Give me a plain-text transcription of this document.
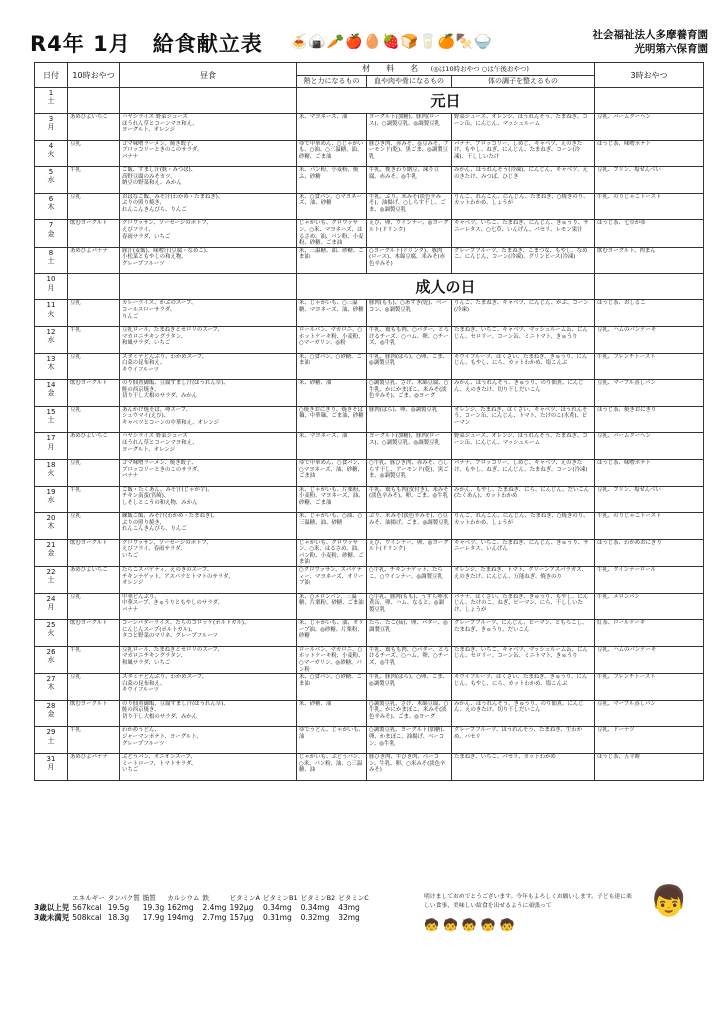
R4年 1月　給食献立表 🍝🍙🥕🍎🥚🍓🍞🥛🍊🍢🍚	社会福祉法人多摩養育園
光明第六保育園
日付	10時おやつ	昼食	材　　料　　名 (◎は10時おやつ ○は午後おやつ)			3時おやつ
			熱と力になるもの	血や肉や骨になるもの	体の調子を整えるもの	

1
土			元日			

3
月	あめびよいちご	ハヤシライス 野菜ジュース
ほうれん草とコーンマヨ和え、
ヨーグルト、オレンジ	米、マヨネーズ、油	ヨーグルト(加糖)、豚肉(ロース)、○調製豆乳、◎調製豆乳	野菜ジュース、オレンジ、ほうれんそう、たまねぎ、コーン缶、にんじん、マッシュルーム	豆乳、バームクーヘン

4
火	豆乳	ゴマ味噌ラーメン、焼き餃子、
ブロッコリーときのこのサラダ、
バナナ	ゆで中華めん、○じゃがいも、○油、○三温糖、油、砂糖、ごま油	豚ひき肉、赤みそ、◎豆みそ、アーモンド(乾)、黒ごま、◎調製豆乳	バナナ、ブロッコリー、しめじ、キャベツ、えのきたけ、もやし、ねぎ、にんじん、たまねぎ、コーン(冷凍)、干ししいたけ	ほうじ茶、味噌ポテト

5
水	牛乳	ご飯、すまし汁(麩・みつば)、
高野豆腐のみそカツ、
納豆の野菜和え、みかん	米、パン粉、小麦粉、焼ふ、砂糖	牛乳、挽きわり納豆、凍り豆腐、赤みそ、◎牛乳	みかん、ほうれんそう(冷凍)、にんじん、キャベツ、えのきたけ、みつば、ひじき	豆乳、プリン、塩せんべい

6
木	豆乳	おばなご飯、みそ汁(わかめ・たまねぎ)、
ぶりの照り焼き、
れんこんきんぴら、りんご	米、○食パン、○マヨネーズ、油、砂糖	牛乳、ぶり、米みそ(淡色辛みそ)、油揚げ、○しらす干し、ごま、◎調製豆乳	りんご、れんこん、にんじん、たまねぎ、○焼きのり、カットわかめ、しょうが	牛乳、のりじゃこトースト

7
金	飲むヨーグルト	クロワッサン、ソーセージのポトフ、
えびフライ、
春雨サラダ、いちご	じゃがいも、クロワッサン、○米、マヨネーズ、はるさめ、油、パン粉、小麦粉、砂糖、ごま油	えび、卵、ウインナー、◎ヨーグルト(ドリンク)	キャベツ、いちご、たまねぎ、にんじん、きゅうり、サニーレタス、○七草、いんげん、パセリ、レモン果汁	ほうじ茶、七草がゆ

8
土	あめびよバナナ	豚汁(麦飯)、味噌汁(豆腐・なめこ)、
小松菜ともやしの和え物、
グレープフルーツ	米、三温糖、油、砂糖、ごま油	○ヨーグルト(ドリンク)、豚肉(ロース)、木綿豆腐、米みそ(赤色辛みそ)	グレープフルーツ、たまねぎ、こまつな、もやし、なめこ、にんじん、コーン(冷凍)、グリンピース(冷凍)	飲むヨーグルト、肉まん

10
月			成人の日			

11
火	豆乳	カレーライス、かぶのスープ、
コールスローサラダ、
りんご	米、じゃがいも、○三温糖、マヨネーズ、油、砂糖	豚肉(もも)、○あずき(乾)、ベーコン、◎調製豆乳	りんご、たまねぎ、キャベツ、にんじん、かぶ、コーン(冷凍)	ほうじ茶、おしるこ

12
水	牛乳	豆乳ロール、たまねぎとセロリのスープ、
マカロニチキングラタン、
和風サラダ、いちご	ロールパン、マカロニ、○ホットケーキ粉、小麦粉、○マーガリン、◎粉	牛乳、鶏もも肉、○バター、とろけるチーズ、○ハム、卵、○チーズ、◎牛乳	たまねぎ、いちご、キャベツ、マッシュルーム缶、にんじん、セロリー、コーン缶、ミニトマト、きゅうり	豆乳、ハムのパンケーキ

13
木	豆乳	スタミナどんぶり、わかめスープ、
白菜の昆布和え、
キウイフルーツ	米、○食パン、○砂糖、ごま油	牛乳、豚肉(ばら)、○卵、ごま、◎調製豆乳	キウイフルーツ、はくさい、たまねぎ、きゅうり、にんじん、もやし、にら、カットわかめ、塩こんぶ	牛乳、フレンチトースト

14
金	飲むヨーグルト	のり佃煮御飯、豆腐すまし汁(ほうれん草)、
鮭の西京焼き、
切り干し大根のサラダ、みかん	米、砂糖、油	○調製豆乳、さけ、木綿豆腐、○牛乳、かにかまぼこ、米みそ(淡色辛みそ)、ごま、◎ヨーグ	みかん、ほうれんそう、きゅうり、のり佃煮、にんじん、えのきたけ、切り干しだいこん	豆乳、マーブル蒸しパン

15
土	豆乳	あんかけ焼そば、卵スープ、
シュウマイ(えび)、
キャベツとコーンの中華和え、オレンジ	○焼きおにぎり、焼きそば麺、中華麺、ごま油、砂糖	豚肉(ばら)、卵、◎調製豆乳	オレンジ、たまねぎ、はくさい、キャベツ、ほうれんそう、コーン缶、にんじん、トマト、たけのこ(水煮)、ピーマン	ほうじ茶、焼きおにぎり

17
月	あめびよいちご	ハヤシライス 野菜ジュース
ほうれん草とコーンマヨ和え、
ヨーグルト、オレンジ	米、マヨネーズ、油	ヨーグルト(加糖)、豚肉(ロース)、○調製豆乳、◎調製豆乳	野菜ジュース、オレンジ、ほうれんそう、たまねぎ、コーン缶、にんじん、マッシュルーム	豆乳、バームクーヘン

18
火	豆乳	ゴマ味噌ラーメン、焼き餃子、
ブロッコリーときのこのサラダ、
バナナ	ゆで中華めん、○食パン、○マヨネーズ、油、砂糖、ごま油	○牛乳、豚ひき肉、赤みそ、○しらす干し、アーモンド(乾)、黒ごま、◎調製豆乳	バナナ、ブロッコリー、しめじ、キャベツ、えのきたけ、もやし、ねぎ、にんじん、たまねぎ、コーン(冷凍)	ほうじ茶、味噌ポテト

19
水	牛乳	ご飯・たくあん、みそ汁(じゃが芋)、
チキン南蛮(宮崎)、
しそしとこうの和え物、みかん	米、じゃがいも、片栗粉、小麦粉、マヨネーズ、油、砂糖、ごま油	牛乳、鶏もも肉(皮付き)、米みそ(淡色辛みそ)、卵、ごま、◎牛乳	みかん、もやし、たまねぎ、にら、にんじん、だいこん(たくあん)、カットわかめ	豆乳、プリン、塩せんべい

20
木	豆乳	練飯ご飯、みそ汁(わかめ・たまねぎ)、
ぶりの照り焼き、
れんこんきんぴら、りんご	米、じゃがいも、○油、○三温糖、油、砂糖	ぶり、米みそ(淡色辛みそ)、○豆みそ、油揚げ、ごま、◎調製豆乳	りんご、れんこん、にんじん、たまねぎ、○焼きのり、カットわかめ、しょうが	牛乳、のりじゃこトースト

21
金	飲むヨーグルト	クロワッサン、ソーセージのポトフ、
えびフライ、春雨サラダ、
いちご	じゃがいも、クロワッサン、○米、はるさめ、油、パン粉、小麦粉、砂糖、ごま油	えび、ウインナー、卵、◎ヨーグルト(ドリンク)	キャベツ、いちご、たまねぎ、にんじん、きゅうり、サニーレタス、いんげん	ほうじ茶、わかめおにぎり

22
土	あめびよいちご	たらこスパゲティ、えのきのスープ、
チキンナゲット、アスパラとトマトのサラダ、
オレンジ	○クロワッサン、スパゲティー、マヨネーズ、オリーブ油	○牛乳、チキンナゲット、たらこ、○ウインナー、◎調製豆乳	オレンジ、たまねぎ、トマト、グリーンアスパラガス、えのきたけ、にんじん、万能ねぎ、焼きのり	牛乳、クインナーロール

24
月	豆乳	中華どんぶり、
中華スープ、きゅうりともやしのサラダ、
バナナ	米、○メロンパン、三温糖、片栗粉、砂糖、ごま油	○牛乳、豚肉(もも)、うずら卵水煮缶、卵、ハム、なると、◎調製豆乳	バナナ、はくさい、たまねぎ、きゅうり、もやし、にんじん、たけのこ、ねぎ、ピーマン、にら、干ししいたけ、しょうが	牛乳、メロンパン

25
火	飲むヨーグルト	コーンバターライス、たらのコロッケ(ポルトガル)、
にんじんスープ(ポルトガル)、
タコと野菜のマリネ、グレープフルーツ	米、じゃがいも、油、オリーブ油、◎砂糖、片栗粉、砂糖	たら、たこ(茹)、卵、バター、◎調製豆乳	グレープフルーツ、にんじん、ピーマン、ともろこし、たまねぎ、きゅうり、だいこん	紅茶、ロールケーキ

26
水	牛乳	豆乳ロール、たまねぎとセロリのスープ、
マカロニチキングラタン、
和風サラダ、いちご	ロールパン、マカロニ、○ホットケーキ粉、小麦粉、○マーガリン、◎砂糖、パン粉	牛乳、鶏もも肉、○バター、とろけるチーズ、○ハム、卵、○チーズ、◎牛乳	たまねぎ、いちご、キャベツ、マッシュルーム缶、にんじん、セロリー、コーン缶、ミニトマト、きゅうり	豆乳、ハムのパンケーキ

27
木	豆乳	スタミナどんぶり、わかめスープ、
白菜の昆布和え、
キウイフルーツ	米、○食パン、○砂糖、ごま油	牛乳、豚肉(ばら)、○卵、ごま、◎調製豆乳	キウイフルーツ、はくさい、たまねぎ、きゅうり、にんじん、もやし、にら、カットわかめ、塩こんぶ	牛乳、フレンチトースト

28
金	飲むヨーグルト	のり佃煮御飯、豆腐すまし汁(ほうれん草)、
鮭の西京焼き、
切り干し大根のサラダ、みかん	米、砂糖、油	○調製豆乳、さけ、木綿豆腐、○牛乳、かにかまぼこ、米みそ(淡色辛みそ)、ごま、◎ヨーグ	みかん、ほうれんそう、きゅうり、のり佃煮、にんじん、えのきたけ、切り干しだいこん	豆乳、マーブル蒸しパン

29
土	牛乳	わかめうどん、
ジャーマンポテト、ヨーグルト、
グレープフルーツ	ゆでうどん、じゃがいも、油	○調製豆乳、ヨーグルト(加糖)、卵、かまぼこ、油揚げ、ベーコン、◎牛乳	グレープフルーツ、ほうれんそう、たまねぎ、生わかめ、パセリ	豆乳、ドーナツ

31
月	あめびよバナナ	ぶどうパン、オニオンスープ、
ミートローフ、トマトサラダ、
いちご	じゃがいも、ぶどうパン、○米、パン粉、油、○三温糖、油	豚ひき肉、牛ひき肉、ベーコン、牛乳、卵、○米みそ(淡色辛みそ)	たまねぎ、いちご、パセリ、カットわかめ	ほうじ茶、五平餅
	エネルギー	タンパク質	脂質	カルシウム	鉄	ビタミンA	ビタミンB1	ビタミンB2	ビタミンC
3歳以上児	567kcal	19.5g	19.3g	162mg	2.4mg	192μg	0.34mg	0.34mg	43mg
3歳未満児	508kcal	18.3g	17.9g	194mg	2.7mg	157μg	0.31mg	0.32mg	32mg
明けましておめでとうございます。今年もよろしくお願いします。子ども達に楽しい食事、美味しい給食を出せるように頑張って
🧒🧒🧒🧒🧒
👦
